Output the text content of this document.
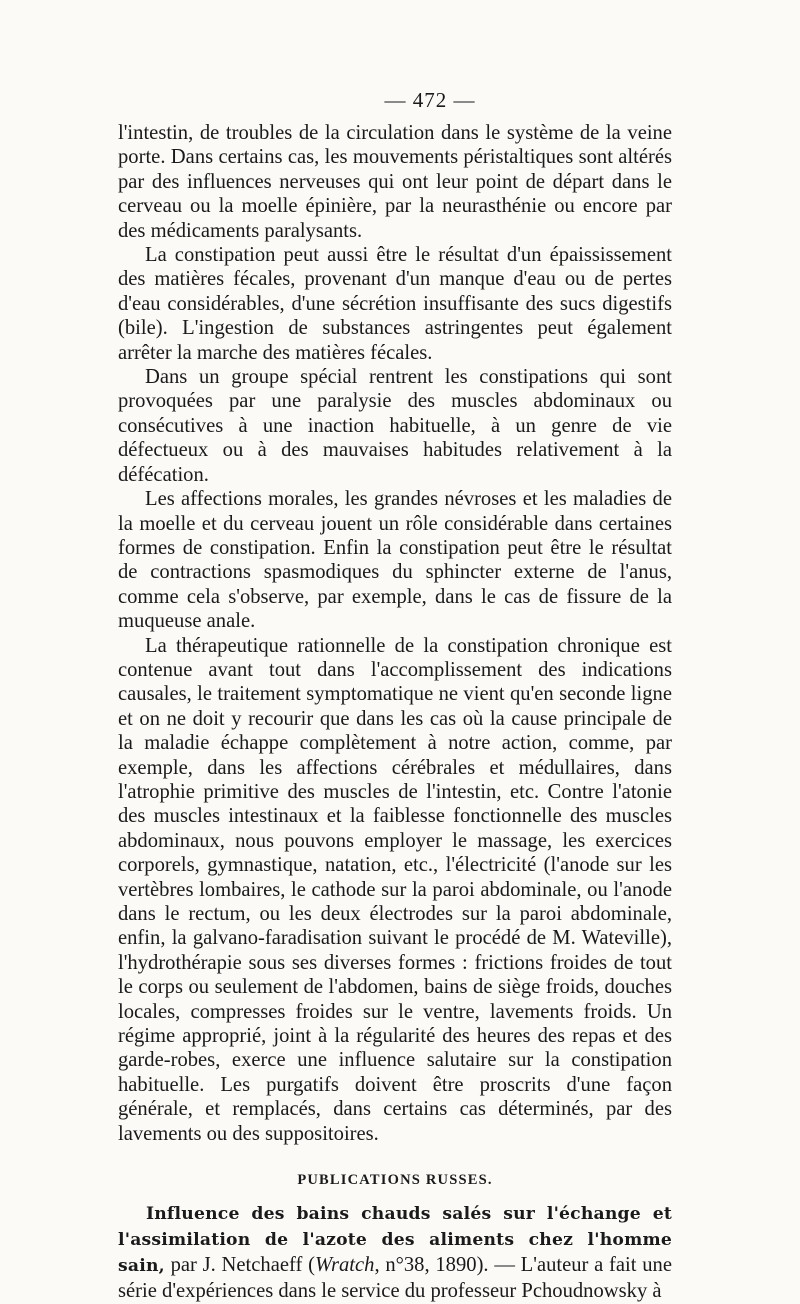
— 472 —

l'intestin, de troubles de la circulation dans le système de la veine porte. Dans certains cas, les mouvements péristaltiques sont altérés par des influences nerveuses qui ont leur point de départ dans le cerveau ou la moelle épinière, par la neurasthénie ou encore par des médicaments paralysants.

La constipation peut aussi être le résultat d'un épaississement des matières fécales, provenant d'un manque d'eau ou de pertes d'eau considérables, d'une sécrétion insuffisante des sucs digestifs (bile). L'ingestion de substances astringentes peut également arrêter la marche des matières fécales.

Dans un groupe spécial rentrent les constipations qui sont provoquées par une paralysie des muscles abdominaux ou consécutives à une inaction habituelle, à un genre de vie défectueux ou à des mauvaises habitudes relativement à la défécation.

Les affections morales, les grandes névroses et les maladies de la moelle et du cerveau jouent un rôle considérable dans certaines formes de constipation. Enfin la constipation peut être le résultat de contractions spasmodiques du sphincter externe de l'anus, comme cela s'observe, par exemple, dans le cas de fissure de la muqueuse anale.

La thérapeutique rationnelle de la constipation chronique est contenue avant tout dans l'accomplissement des indications causales, le traitement symptomatique ne vient qu'en seconde ligne et on ne doit y recourir que dans les cas où la cause principale de la maladie échappe complètement à notre action, comme, par exemple, dans les affections cérébrales et médullaires, dans l'atrophie primitive des muscles de l'intestin, etc. Contre l'atonie des muscles intestinaux et la faiblesse fonctionnelle des muscles abdominaux, nous pouvons employer le massage, les exercices corporels, gymnastique, natation, etc., l'électricité (l'anode sur les vertèbres lombaires, le cathode sur la paroi abdominale, ou l'anode dans le rectum, ou les deux électrodes sur la paroi abdominale, enfin, la galvano-faradisation suivant le procédé de M. Wateville), l'hydrothérapie sous ses diverses formes : frictions froides de tout le corps ou seulement de l'abdomen, bains de siège froids, douches locales, compresses froides sur le ventre, lavements froids. Un régime approprié, joint à la régularité des heures des repas et des garde-robes, exerce une influence salutaire sur la constipation habituelle. Les purgatifs doivent être proscrits d'une façon générale, et remplacés, dans certains cas déterminés, par des lavements ou des suppositoires.

PUBLICATIONS RUSSES.

Influence des bains chauds salés sur l'échange et l'assimilation de l'azote des aliments chez l'homme sain, par J. Netchaeff (Wratch, n°38, 1890). — L'auteur a fait une série d'expériences dans le service du professeur Pchoudnowsky à
